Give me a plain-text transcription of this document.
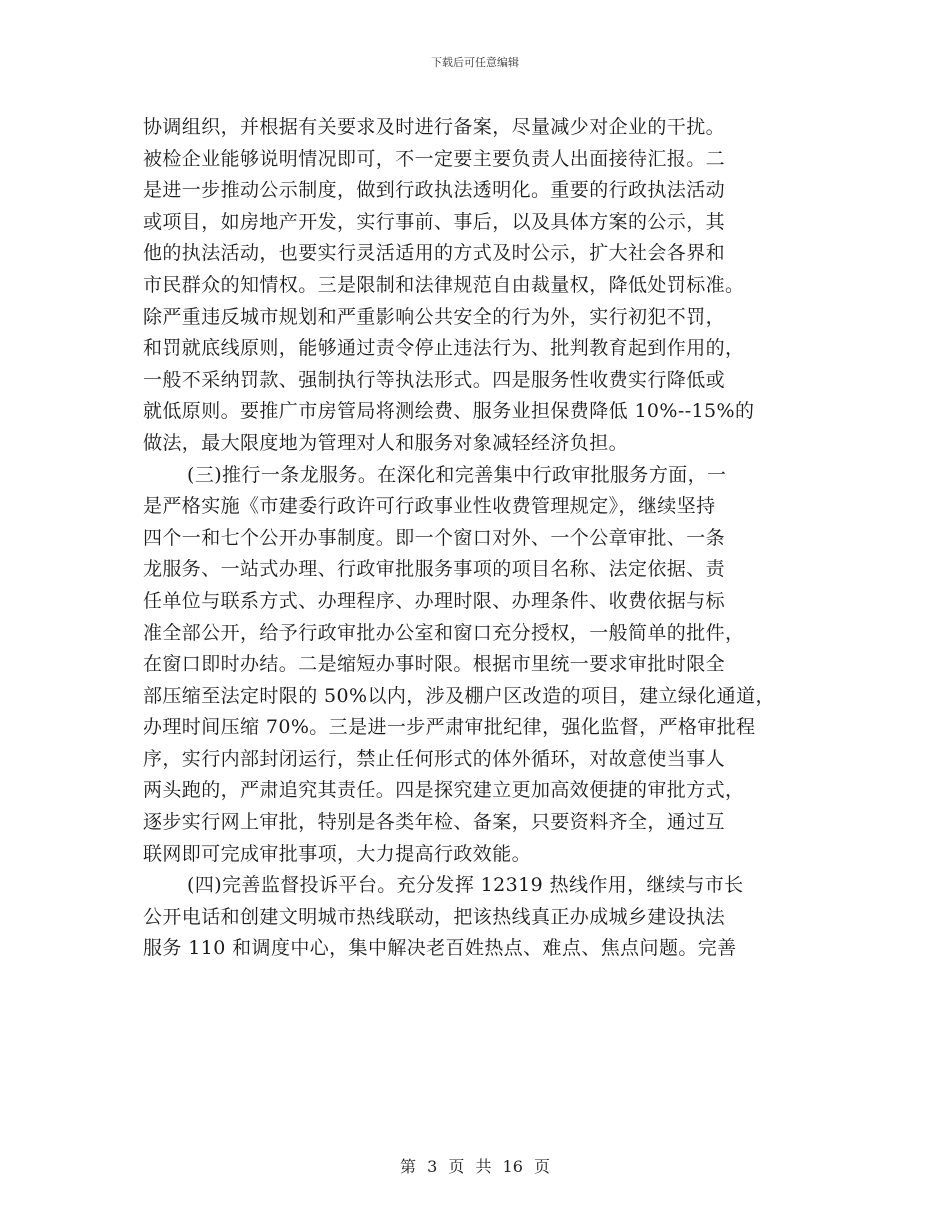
下载后可任意编辑
协调组织，并根据有关要求及时进行备案，尽量减少对企业的干扰。
被检企业能够说明情况即可，不一定要主要负责人出面接待汇报。二
是进一步推动公示制度，做到行政执法透明化。重要的行政执法活动
或项目，如房地产开发，实行事前、事后，以及具体方案的公示，其
他的执法活动，也要实行灵活适用的方式及时公示，扩大社会各界和
市民群众的知情权。三是限制和法律规范自由裁量权，降低处罚标准。
除严重违反城市规划和严重影响公共安全的行为外，实行初犯不罚，
和罚就底线原则，能够通过责令停止违法行为、批判教育起到作用的，
一般不采纳罚款、强制执行等执法形式。四是服务性收费实行降低或
就低原则。要推广市房管局将测绘费、服务业担保费降低 10%--15%的
做法，最大限度地为管理对人和服务对象减轻经济负担。
(三)推行一条龙服务。在深化和完善集中行政审批服务方面，一
是严格实施《市建委行政许可行政事业性收费管理规定》，继续坚持
四个一和七个公开办事制度。即一个窗口对外、一个公章审批、一条
龙服务、一站式办理、行政审批服务事项的项目名称、法定依据、责
任单位与联系方式、办理程序、办理时限、办理条件、收费依据与标
准全部公开，给予行政审批办公室和窗口充分授权，一般简单的批件，
在窗口即时办结。二是缩短办事时限。根据市里统一要求审批时限全
部压缩至法定时限的 50%以内，涉及棚户区改造的项目，建立绿化通道，
办理时间压缩 70%。三是进一步严肃审批纪律，强化监督，严格审批程
序，实行内部封闭运行，禁止任何形式的体外循环，对故意使当事人
两头跑的，严肃追究其责任。四是探究建立更加高效便捷的审批方式，
逐步实行网上审批，特别是各类年检、备案，只要资料齐全，通过互
联网即可完成审批事项，大力提高行政效能。
(四)完善监督投诉平台。充分发挥 12319 热线作用，继续与市长
公开电话和创建文明城市热线联动，把该热线真正办成城乡建设执法
服务 110 和调度中心，集中解决老百姓热点、难点、焦点问题。完善
第 3 页 共 16 页
